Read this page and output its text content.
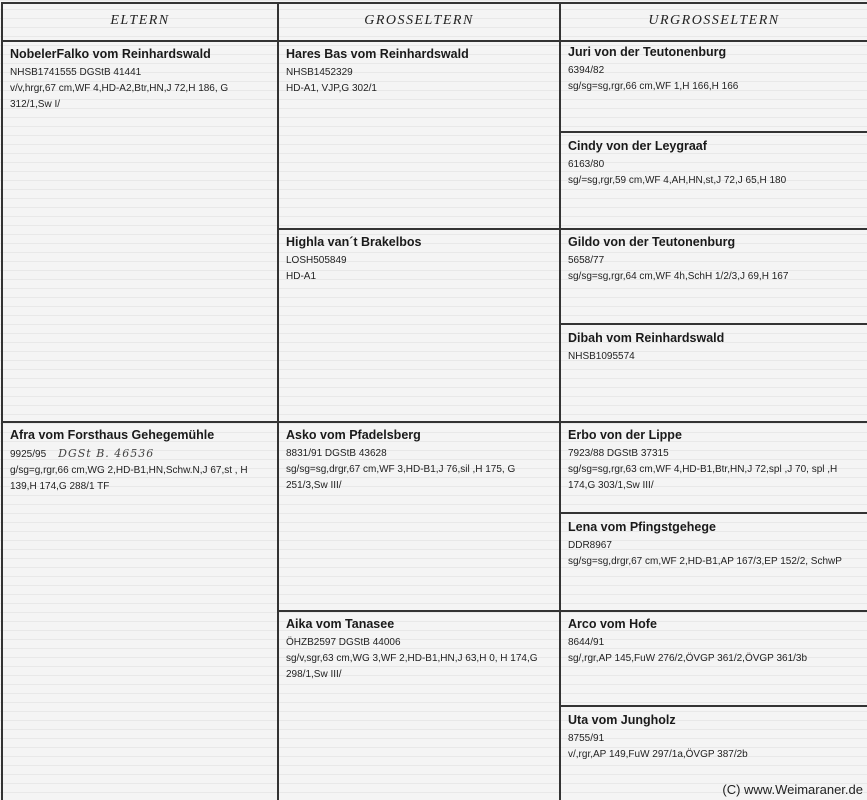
ELTERN	GROSSELTERN	URGROSSELTERN
NobelerFalko vom Reinhardswald
NHSB1741555 DGStB 41441
v/v,hrgr,67 cm,WF 4,HD-A2,Btr,HN,J 72,H 186, G 312/1,Sw I/
Afra vom Forsthaus Gehegemühle
9925/95 DGSt B. 46536
g/sg=g,rgr,66 cm,WG 2,HD-B1,HN,Schw.N,J 67,st , H 139,H 174,G 288/1 TF
Hares Bas vom Reinhardswald
NHSB1452329
HD-A1, VJP,G 302/1
Highla van´t Brakelbos
LOSH505849
HD-A1
Asko vom Pfadelsberg
8831/91 DGStB 43628
sg/sg=sg,drgr,67 cm,WF 3,HD-B1,J 76,sil ,H 175, G 251/3,Sw III/
Aika vom Tanasee
ÖHZB2597 DGStB 44006
sg/v,sgr,63 cm,WG 3,WF 2,HD-B1,HN,J 63,H 0, H 174,G 298/1,Sw III/
Juri von der Teutonenburg
6394/82
sg/sg=sg,rgr,66 cm,WF 1,H 166,H 166
Cindy von der Leygraaf
6163/80
sg/=sg,rgr,59 cm,WF 4,AH,HN,st,J 72,J 65,H 180
Gildo von der Teutonenburg
5658/77
sg/sg=sg,rgr,64 cm,WF 4h,SchH 1/2/3,J 69,H 167
Dibah vom Reinhardswald
NHSB1095574
Erbo von der Lippe
7923/88 DGStB 37315
sg/sg=sg,rgr,63 cm,WF 4,HD-B1,Btr,HN,J 72,spl ,J 70, spl ,H 174,G 303/1,Sw III/
Lena vom Pfingstgehege
DDR8967
sg/sg=sg,drgr,67 cm,WF 2,HD-B1,AP 167/3,EP 152/2, SchwP
Arco vom Hofe
8644/91
sg/,rgr,AP 145,FuW 276/2,ÖVGP 361/2,ÖVGP 361/3b
Uta vom Jungholz
8755/91
v/,rgr,AP 149,FuW 297/1a,ÖVGP 387/2b
(C) www.Weimaraner.de
